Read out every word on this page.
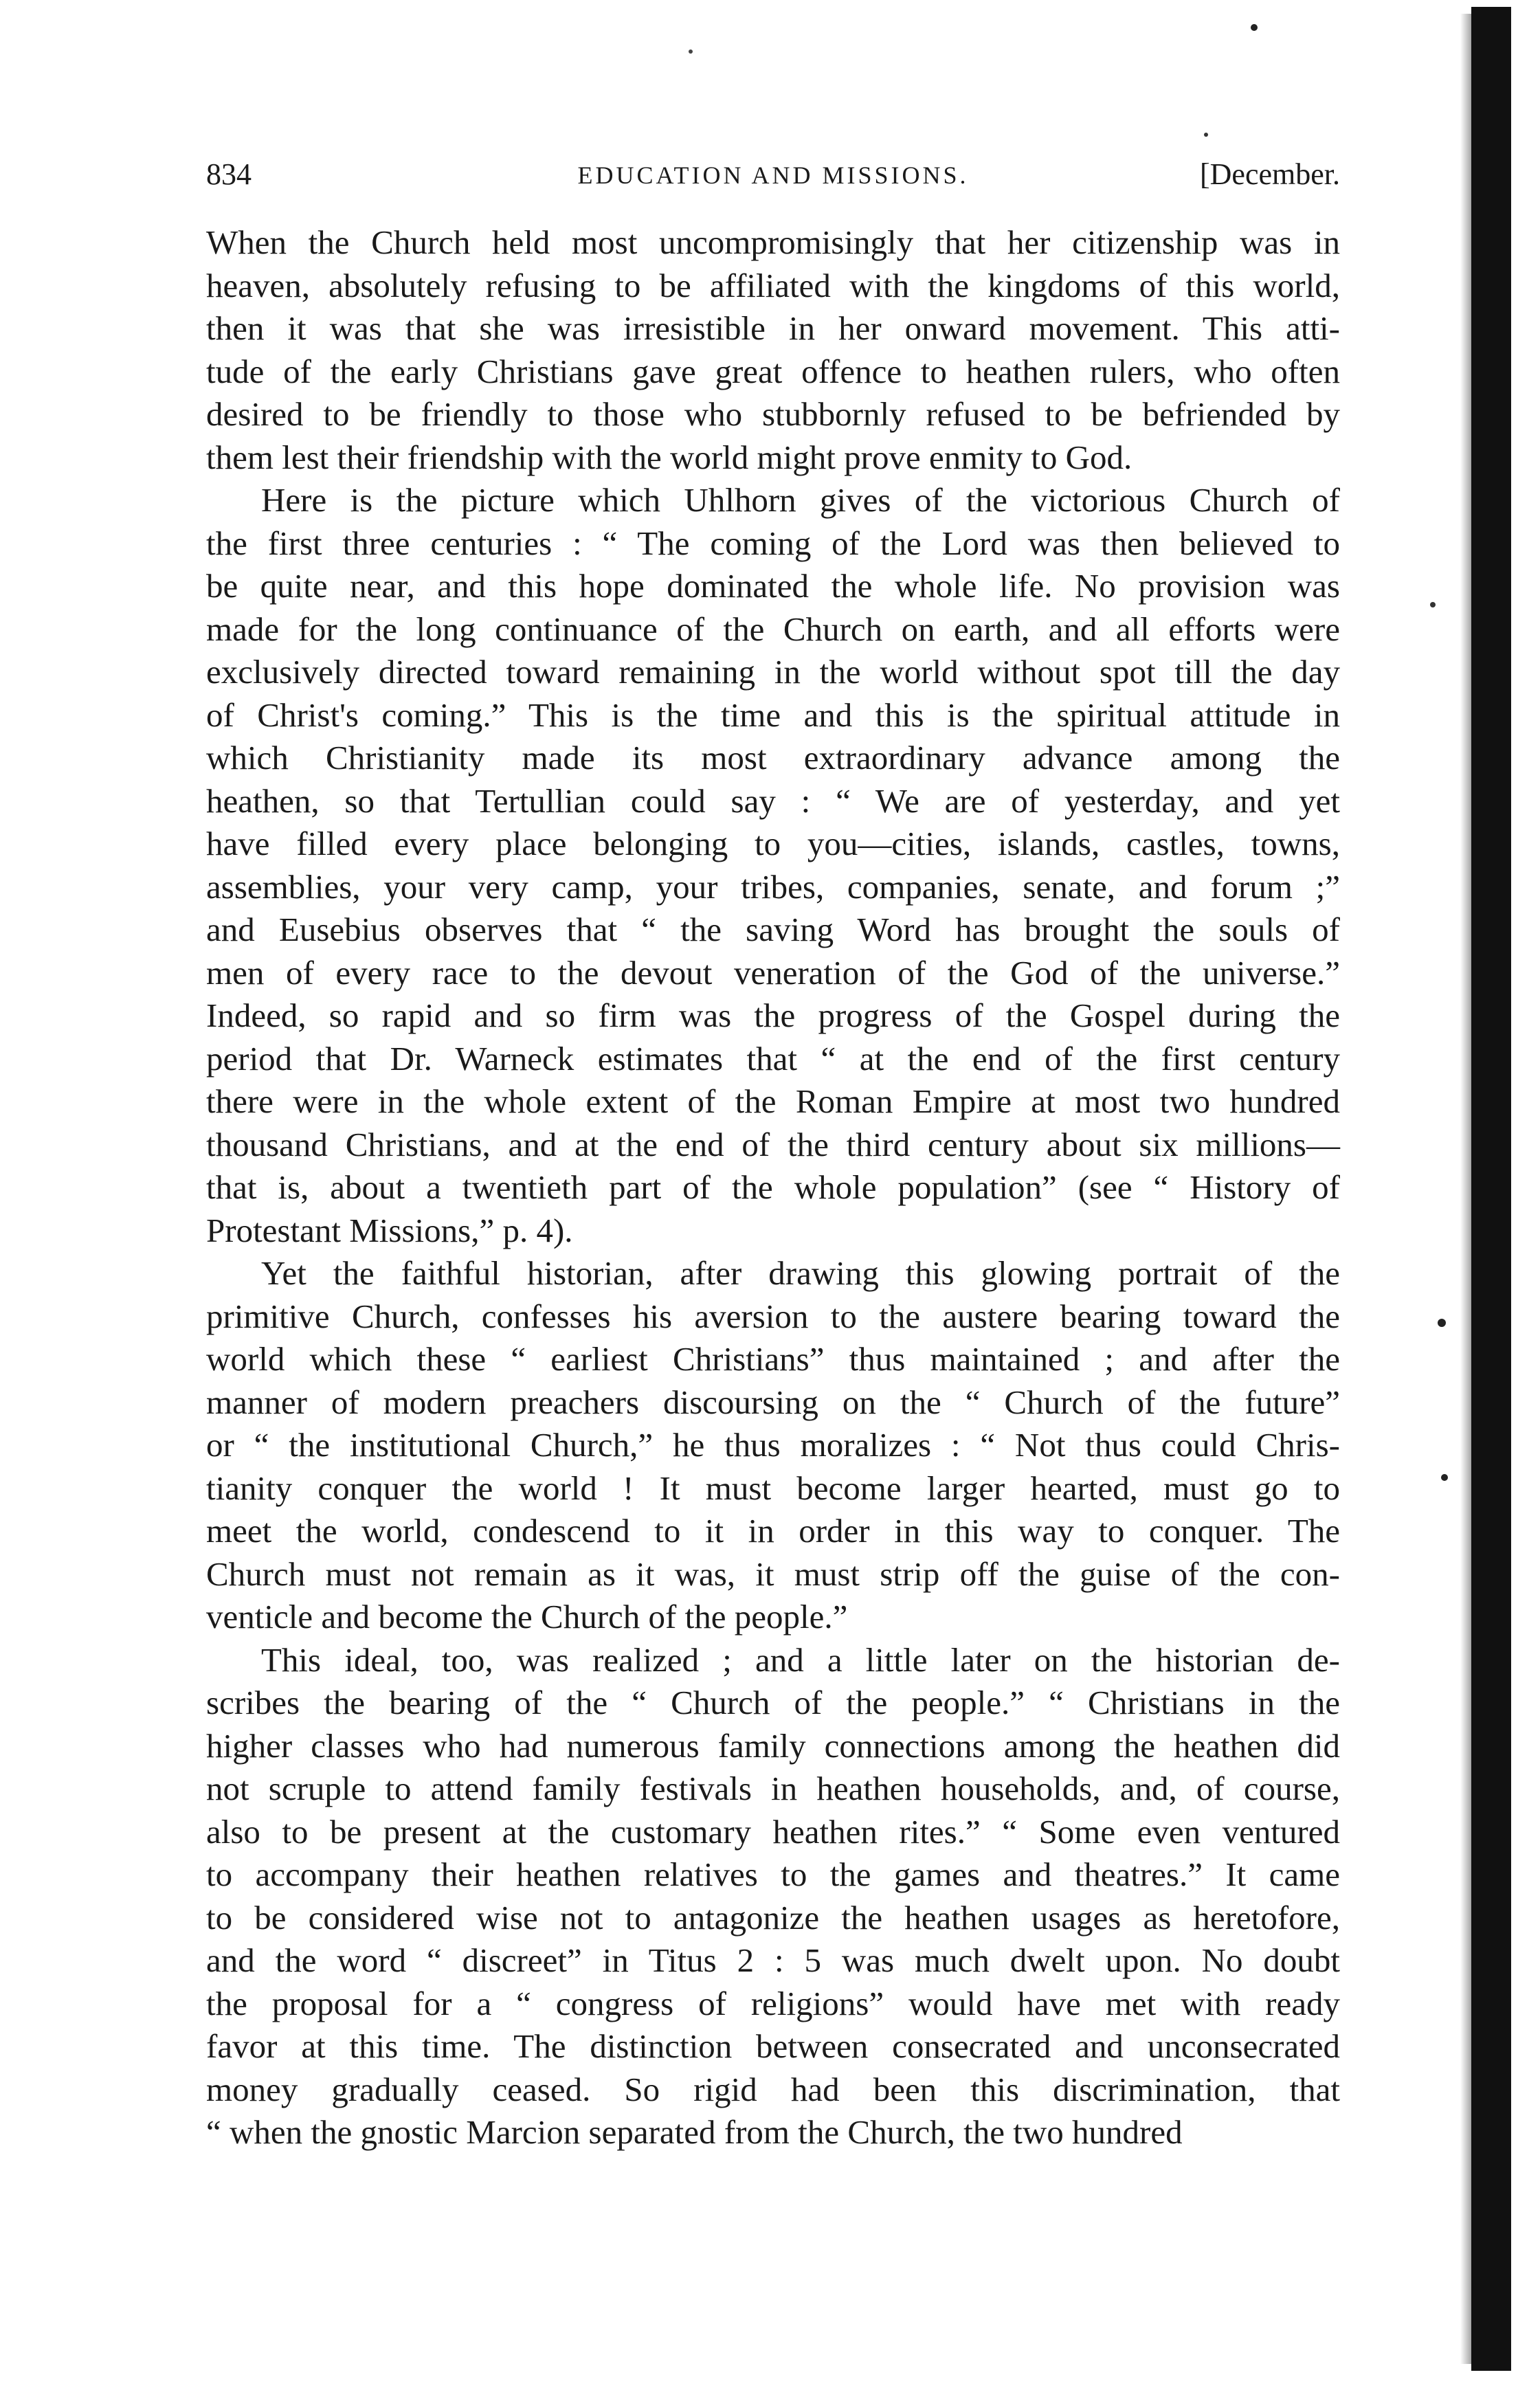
834	EDUCATION AND MISSIONS.	[December.
When the Church held most uncompromisingly that her citizenship was in
heaven, absolutely refusing to be affiliated with the kingdoms of this world,
then it was that she was irresistible in her onward movement. This atti-
tude of the early Christians gave great offence to heathen rulers, who often
desired to be friendly to those who stubbornly refused to be befriended by
them lest their friendship with the world might prove enmity to God.
Here is the picture which Uhlhorn gives of the victorious Church of
the first three centuries : “ The coming of the Lord was then believed to
be quite near, and this hope dominated the whole life. No provision was
made for the long continuance of the Church on earth, and all efforts were
exclusively directed toward remaining in the world without spot till the day
of Christ's coming.” This is the time and this is the spiritual attitude in
which Christianity made its most extraordinary advance among the
heathen, so that Tertullian could say : “ We are of yesterday, and yet
have filled every place belonging to you—cities, islands, castles, towns,
assemblies, your very camp, your tribes, companies, senate, and forum ;”
and Eusebius observes that “ the saving Word has brought the souls of
men of every race to the devout veneration of the God of the universe.”
Indeed, so rapid and so firm was the progress of the Gospel during the
period that Dr. Warneck estimates that “ at the end of the first century
there were in the whole extent of the Roman Empire at most two hundred
thousand Christians, and at the end of the third century about six millions—
that is, about a twentieth part of the whole population” (see “ History of
Protestant Missions,” p. 4).
Yet the faithful historian, after drawing this glowing portrait of the
primitive Church, confesses his aversion to the austere bearing toward the
world which these “ earliest Christians” thus maintained ; and after the
manner of modern preachers discoursing on the “ Church of the future”
or “ the institutional Church,” he thus moralizes : “ Not thus could Chris-
tianity conquer the world ! It must become larger hearted, must go to
meet the world, condescend to it in order in this way to conquer. The
Church must not remain as it was, it must strip off the guise of the con-
venticle and become the Church of the people.”
This ideal, too, was realized ; and a little later on the historian de-
scribes the bearing of the “ Church of the people.” “ Christians in the
higher classes who had numerous family connections among the heathen did
not scruple to attend family festivals in heathen households, and, of course,
also to be present at the customary heathen rites.” “ Some even ventured
to accompany their heathen relatives to the games and theatres.” It came
to be considered wise not to antagonize the heathen usages as heretofore,
and the word “ discreet” in Titus 2 : 5 was much dwelt upon. No doubt
the proposal for a “ congress of religions” would have met with ready
favor at this time. The distinction between consecrated and unconsecrated
money gradually ceased. So rigid had been this discrimination, that
“ when the gnostic Marcion separated from the Church, the two hundred
